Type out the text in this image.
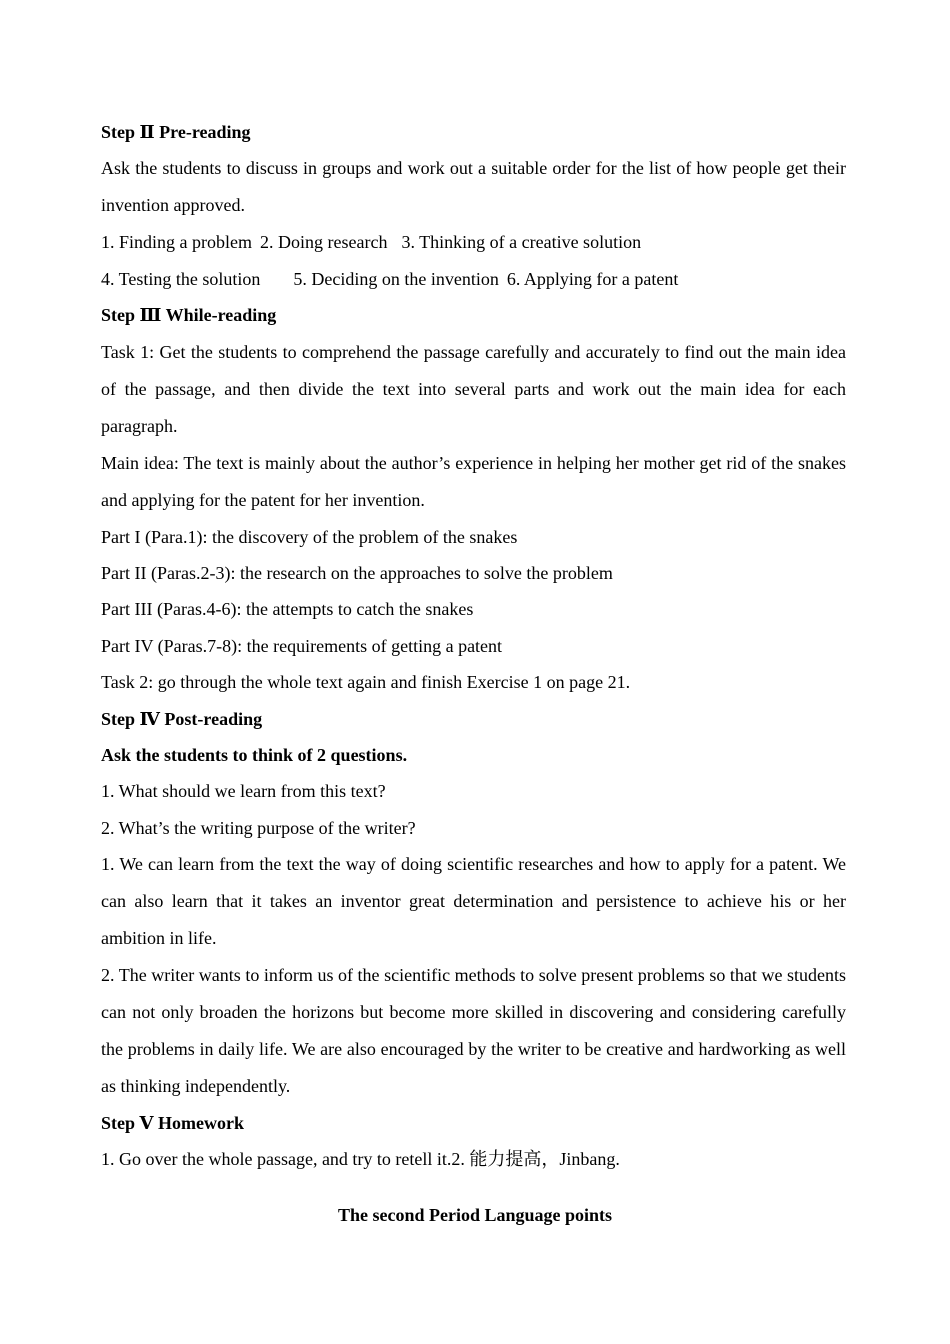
Step Ⅱ Pre-reading

Ask the students to discuss in groups and work out a suitable order for the list of how people get their invention approved.

1. Finding a problem 2. Doing research 3. Thinking of a creative solution
4. Testing the solution 5. Deciding on the invention 6. Applying for a patent
Step Ⅲ While-reading

Task 1: Get the students to comprehend the passage carefully and accurately to find out the main idea of the passage, and then divide the text into several parts and work out the main idea for each paragraph.

Main idea: The text is mainly about the author’s experience in helping her mother get rid of the snakes and applying for the patent for her invention.

Part I (Para.1): the discovery of the problem of the snakes
Part II (Paras.2-3): the research on the approaches to solve the problem
Part III (Paras.4-6): the attempts to catch the snakes
Part IV (Paras.7-8): the requirements of getting a patent
Task 2: go through the whole text again and finish Exercise 1 on page 21.
Step Ⅳ Post-reading
Ask the students to think of 2 questions.
1. What should we learn from this text?
2. What’s the writing purpose of the writer?

1. We can learn from the text the way of doing scientific researches and how to apply for a patent. We can also learn that it takes an inventor great determination and persistence to achieve his or her ambition in life.

2. The writer wants to inform us of the scientific methods to solve present problems so that we students can not only broaden the horizons but become more skilled in discovering and considering carefully the problems in daily life. We are also encouraged by the writer to be creative and hardworking as well as thinking independently.

Step Ⅴ Homework
1. Go over the whole passage, and try to retell it.2. 能力提高，Jinbang.
The second Period Language points
